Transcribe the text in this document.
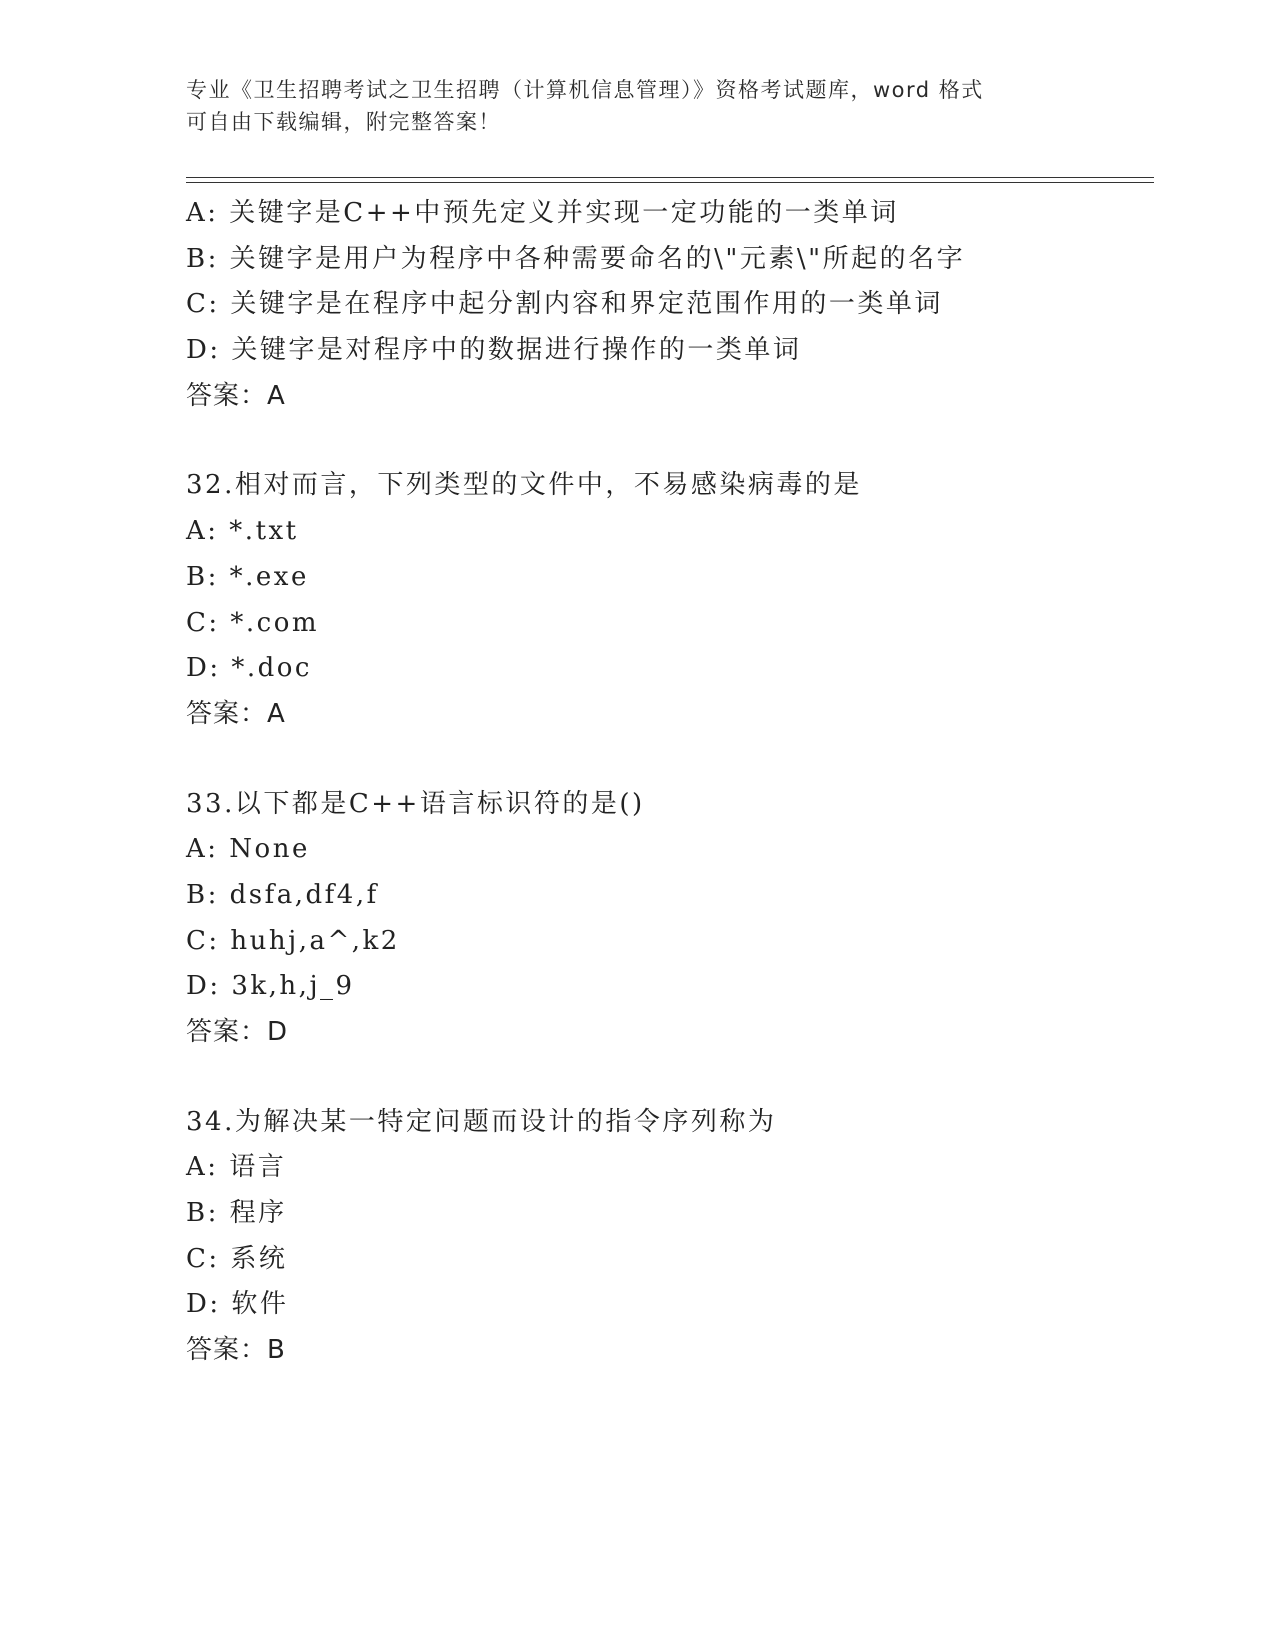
专业《卫生招聘考试之卫生招聘（计算机信息管理）》资格考试题库，word 格式
可自由下载编辑，附完整答案！
A: 关键字是C++中预先定义并实现一定功能的一类单词
B: 关键字是用户为程序中各种需要命名的\"元素\"所起的名字
C: 关键字是在程序中起分割内容和界定范围作用的一类单词
D: 关键字是对程序中的数据进行操作的一类单词
答案：A
32.相对而言，下列类型的文件中，不易感染病毒的是
A: *.txt
B: *.exe
C: *.com
D: *.doc
答案：A
33.以下都是C++语言标识符的是()
A: None
B: dsfa,df4,f
C: huhj,a^,k2
D: 3k,h,j_9
答案：D
34.为解决某一特定问题而设计的指令序列称为
A: 语言
B: 程序
C: 系统
D: 软件
答案：B
